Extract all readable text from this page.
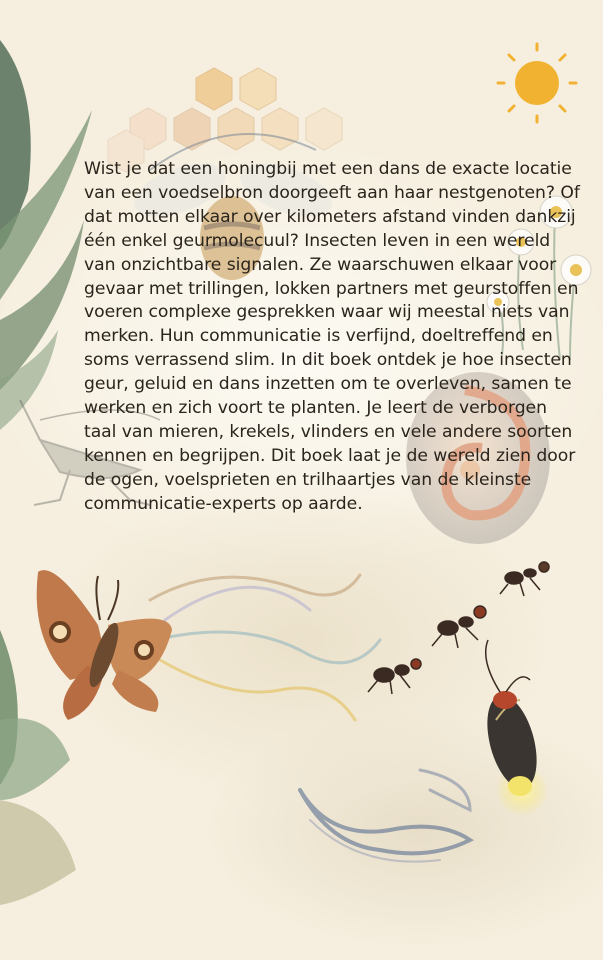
Wist je dat een honingbij met een dans de exacte locatie van een voedselbron doorgeeft aan haar nestgenoten? Of dat motten elkaar over kilometers afstand vinden dankzij één enkel geurmolecuul? Insecten leven in een wereld van onzichtbare signalen. Ze waarschuwen elkaar voor gevaar met trillingen, lokken partners met geurstoffen en voeren complexe gesprekken waar wij meestal niets van merken. Hun communicatie is verfijnd, doeltreffend en soms verrassend slim. In dit boek ontdek je hoe insecten geur, geluid en dans inzetten om te overleven, samen te werken en zich voort te planten. Je leert de verborgen taal van mieren, krekels, vlinders en vele andere soorten kennen en begrijpen. Dit boek laat je de wereld zien door de ogen, voelsprieten en trilhaartjes van de kleinste communicatie-experts op aarde.
